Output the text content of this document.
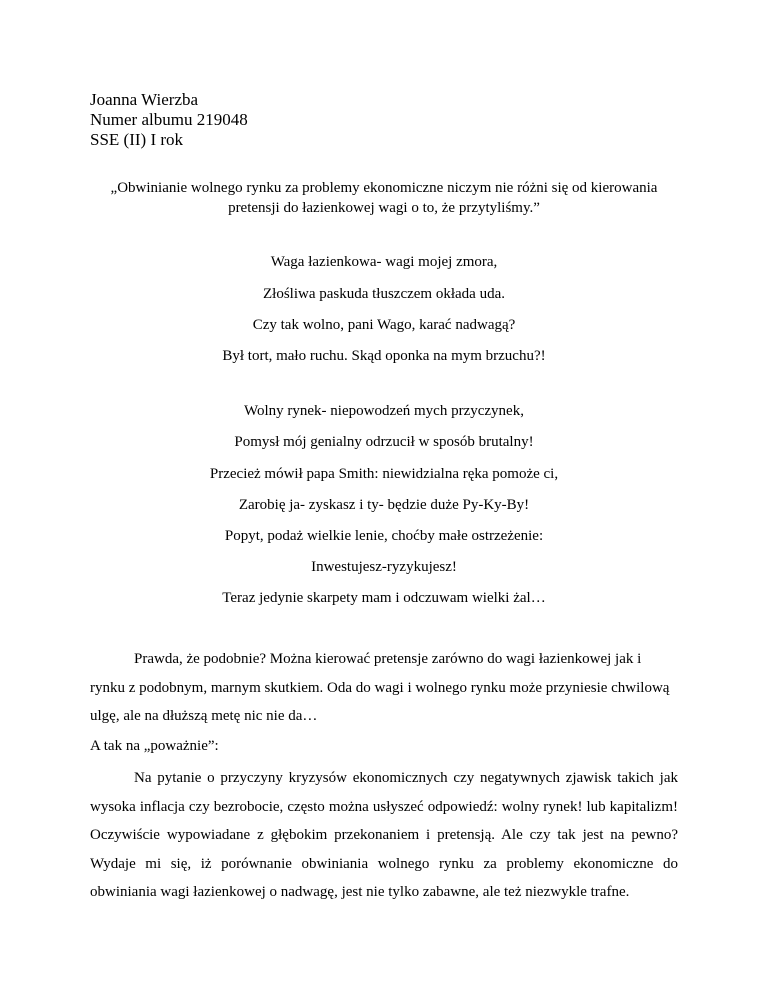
Joanna Wierzba
Numer albumu 219048
SSE (II) I rok
„Obwinianie wolnego rynku za problemy ekonomiczne niczym nie różni się od kierowania pretensji do łazienkowej wagi o to, że przytyliśmy.”
Waga łazienkowa- wagi mojej zmora,
Złośliwa paskuda tłuszczem okłada uda.
Czy tak wolno, pani Wago, karać nadwagą?
Był tort, mało ruchu. Skąd oponka na mym brzuchu?!
Wolny rynek- niepowodzeń mych przyczynek,
Pomysł mój genialny odrzucił w sposób brutalny!
Przecież mówił papa Smith: niewidzialna ręka pomoże ci,
Zarobię ja- zyskasz i ty- będzie duże Py-Ky-By!
Popyt, podaż wielkie lenie, choćby małe ostrzeżenie:
Inwestujesz-ryzykujesz!
Teraz jedynie skarpety mam i odczuwam wielki żal…
Prawda, że podobnie? Można kierować pretensje zarówno do wagi łazienkowej jak i rynku z podobnym, marnym skutkiem. Oda do wagi i wolnego rynku może przyniesie chwilową ulgę, ale na dłuższą metę nic nie da…
A tak na „poważnie”:
Na pytanie o przyczyny kryzysów ekonomicznych czy negatywnych zjawisk takich jak wysoka inflacja czy bezrobocie, często można usłyszeć odpowiedź: wolny rynek! lub kapitalizm! Oczywiście wypowiadane z głębokim przekonaniem i pretensją. Ale czy tak jest na pewno? Wydaje mi się, iż porównanie obwiniania wolnego rynku za problemy ekonomiczne do obwiniania wagi łazienkowej o nadwagę, jest nie tylko zabawne, ale też niezwykle trafne.
